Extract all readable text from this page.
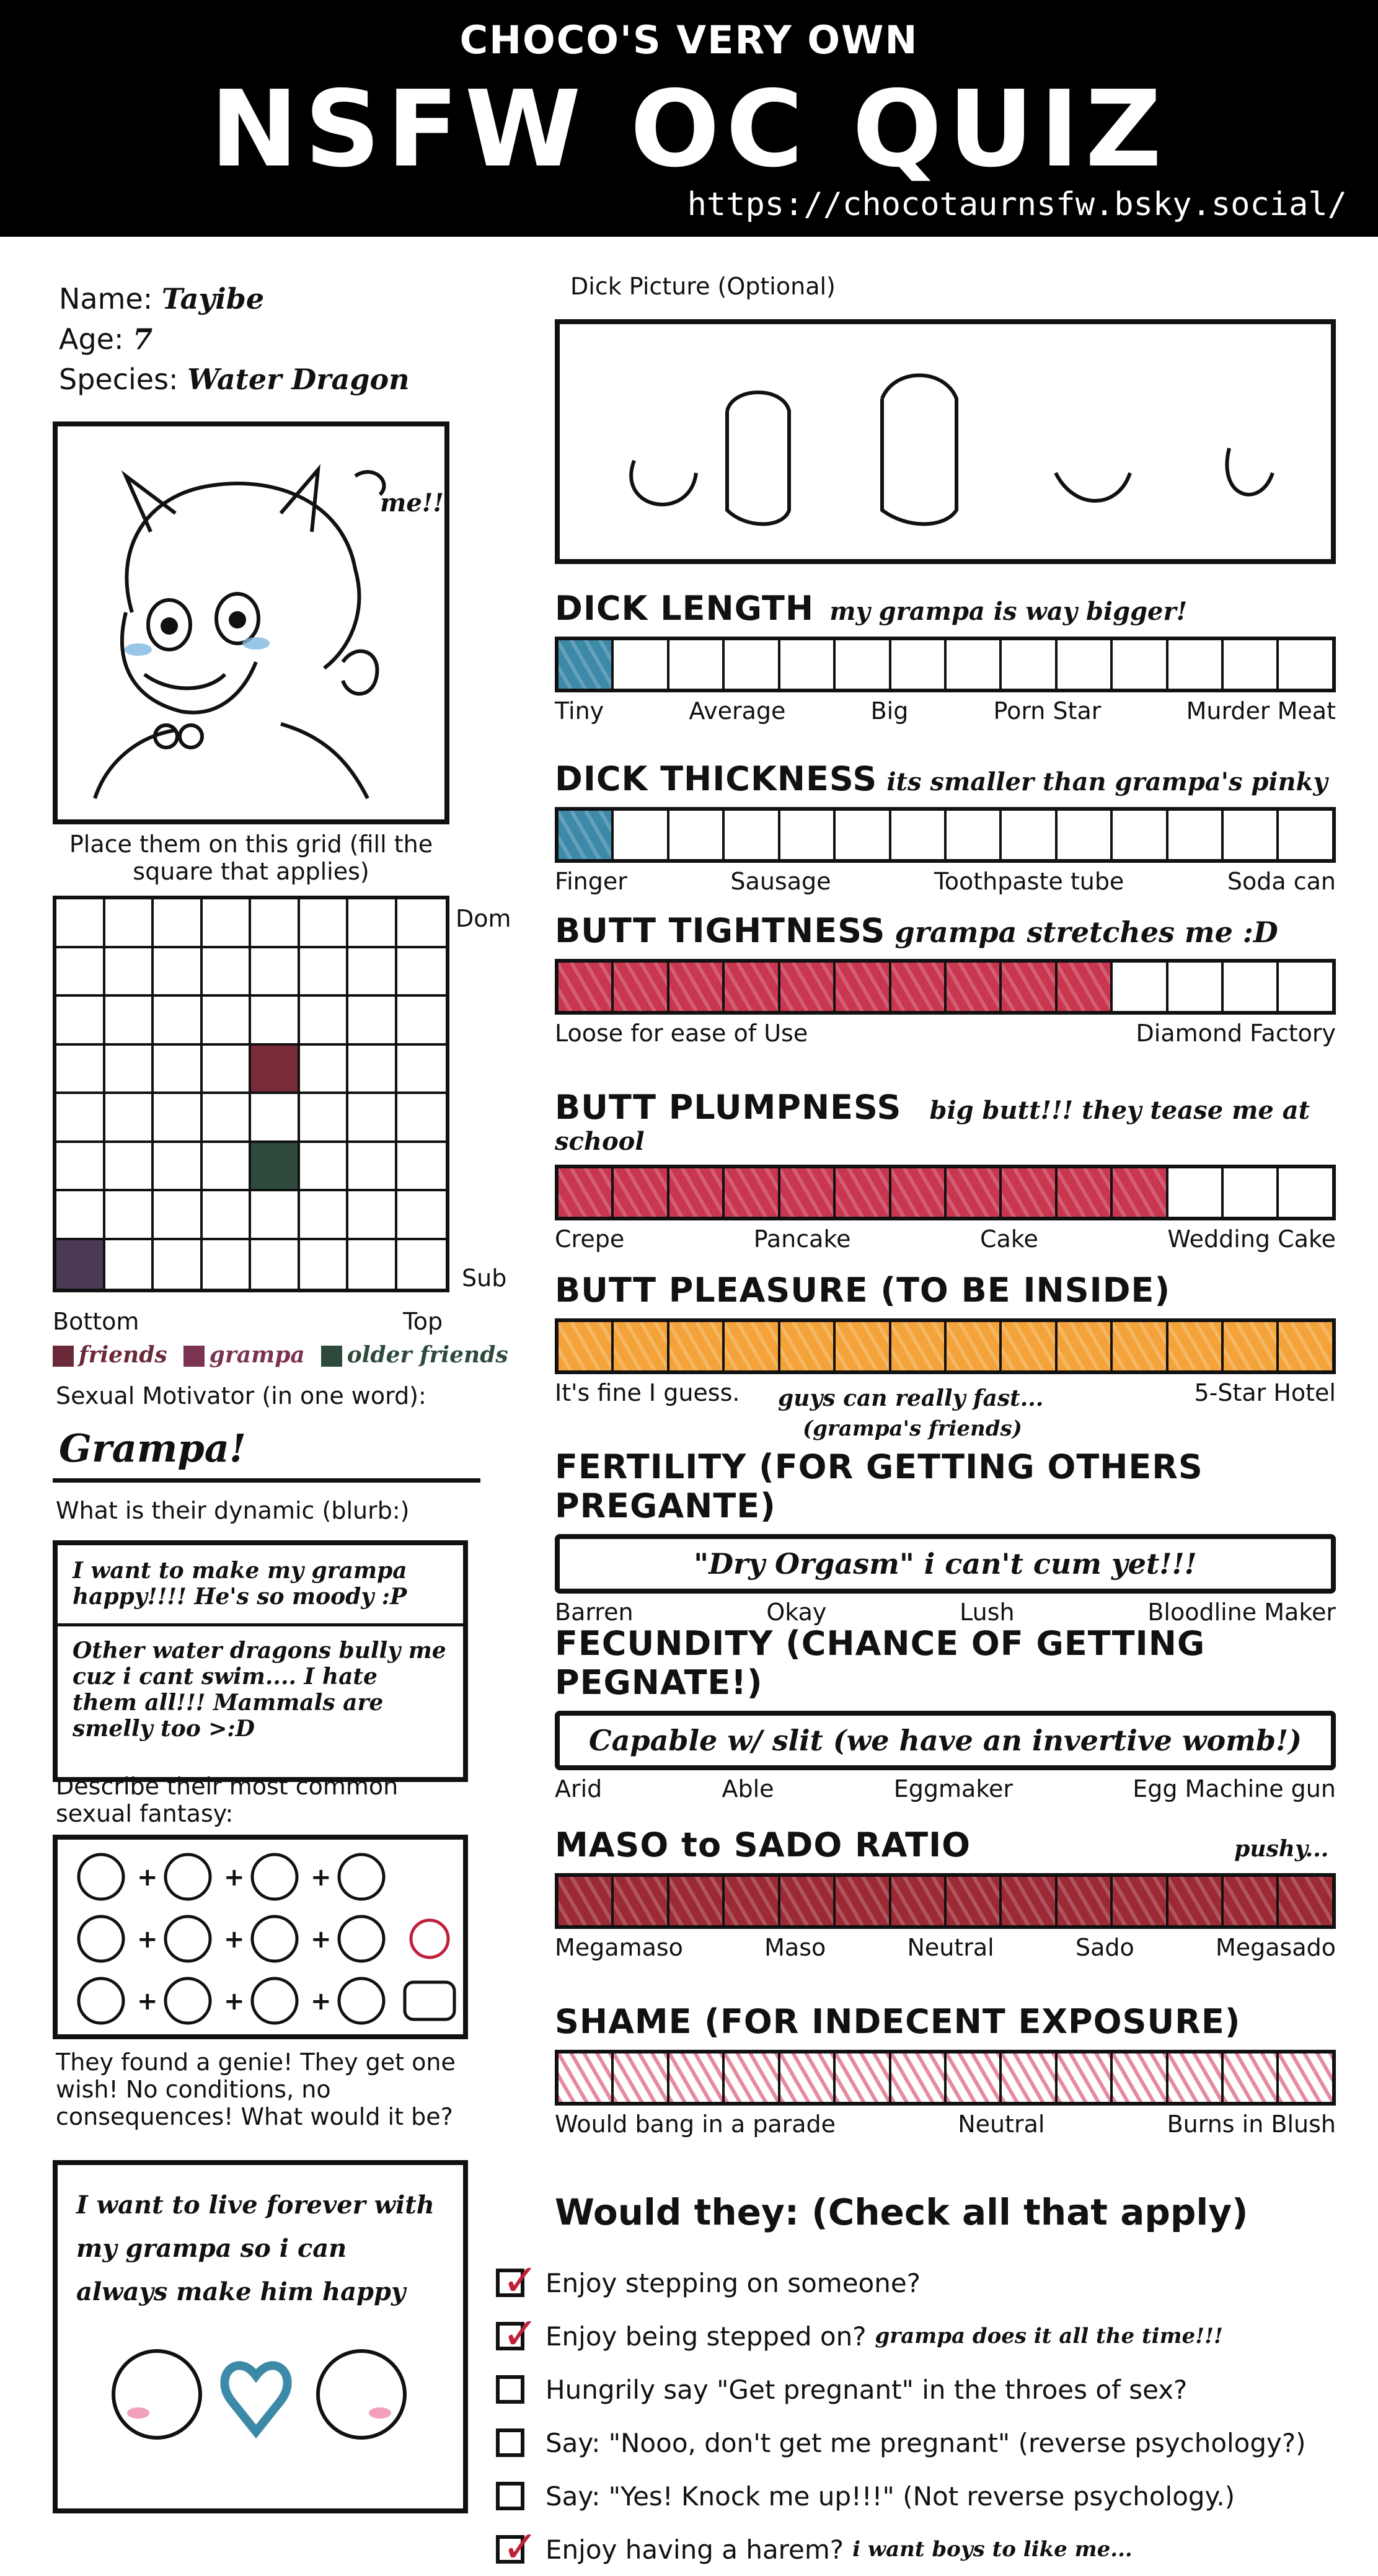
CHOCO'S VERY OWN
NSFW OC QUIZ
https://chocotaurnsfw.bsky.social/
Name: Tayibe
Age: 7
Species: Water Dragon
me!!
Place them on this grid (fill the square that applies)
Dom
Sub
Bottom	Top
friends	grampa	older friends
Sexual Motivator (in one word):
Grampa!
What is their dynamic (blurb:)
I want to make my grampa happy!!!! He's so moody :P
Other water dragons bully me cuz i cant swim.... I hate them all!!! Mammals are smelly too >:D
Describe their most common sexual fantasy:
+	+	+
+	+	+
+	+	+
They found a genie! They get one wish! No conditions, no consequences! What would it be?
I want to live forever with my grampa so i can always make him happy
Dick Picture (Optional)
DICK LENGTH my grampa is way bigger!
Tiny	Average	Big	Porn Star	Murder Meat
DICK THICKNESS its smaller than grampa's pinky
Finger	Sausage	Toothpaste tube	Soda can
BUTT TIGHTNESS grampa stretches me :D
Loose for ease of Use	Diamond Factory
BUTT PLUMPNESS big butt!!! they tease me at school
Crepe	Pancake	Cake	Wedding Cake
BUTT PLEASURE (TO BE INSIDE)
It's fine I guess.	5-Star Hotel
guys can really fast...
(grampa's friends)
FERTILITY (FOR GETTING OTHERS PREGANTE)
"Dry Orgasm" i can't cum yet!!!
Barren	Okay	Lush	Bloodline Maker
FECUNDITY (CHANCE OF GETTING PEGNATE!)
Capable w/ slit (we have an invertive womb!)
Arid	Able	Eggmaker	Egg Machine gun
MASO to SADO RATIO	pushy...
Megamaso	Maso	Neutral	Sado	Megasado
SHAME (FOR INDECENT EXPOSURE)
Would bang in a parade	Neutral	Burns in Blush
Would they: (Check all that apply)
✓ Enjoy stepping on someone?
✓ Enjoy being stepped on? grampa does it all the time!!!
Hungrily say "Get pregnant" in the throes of sex?
Say: "Nooo, don't get me pregnant" (reverse psychology?)
Say: "Yes! Knock me up!!!" (Not reverse psychology.)
✓ Enjoy having a harem? i want boys to like me...
